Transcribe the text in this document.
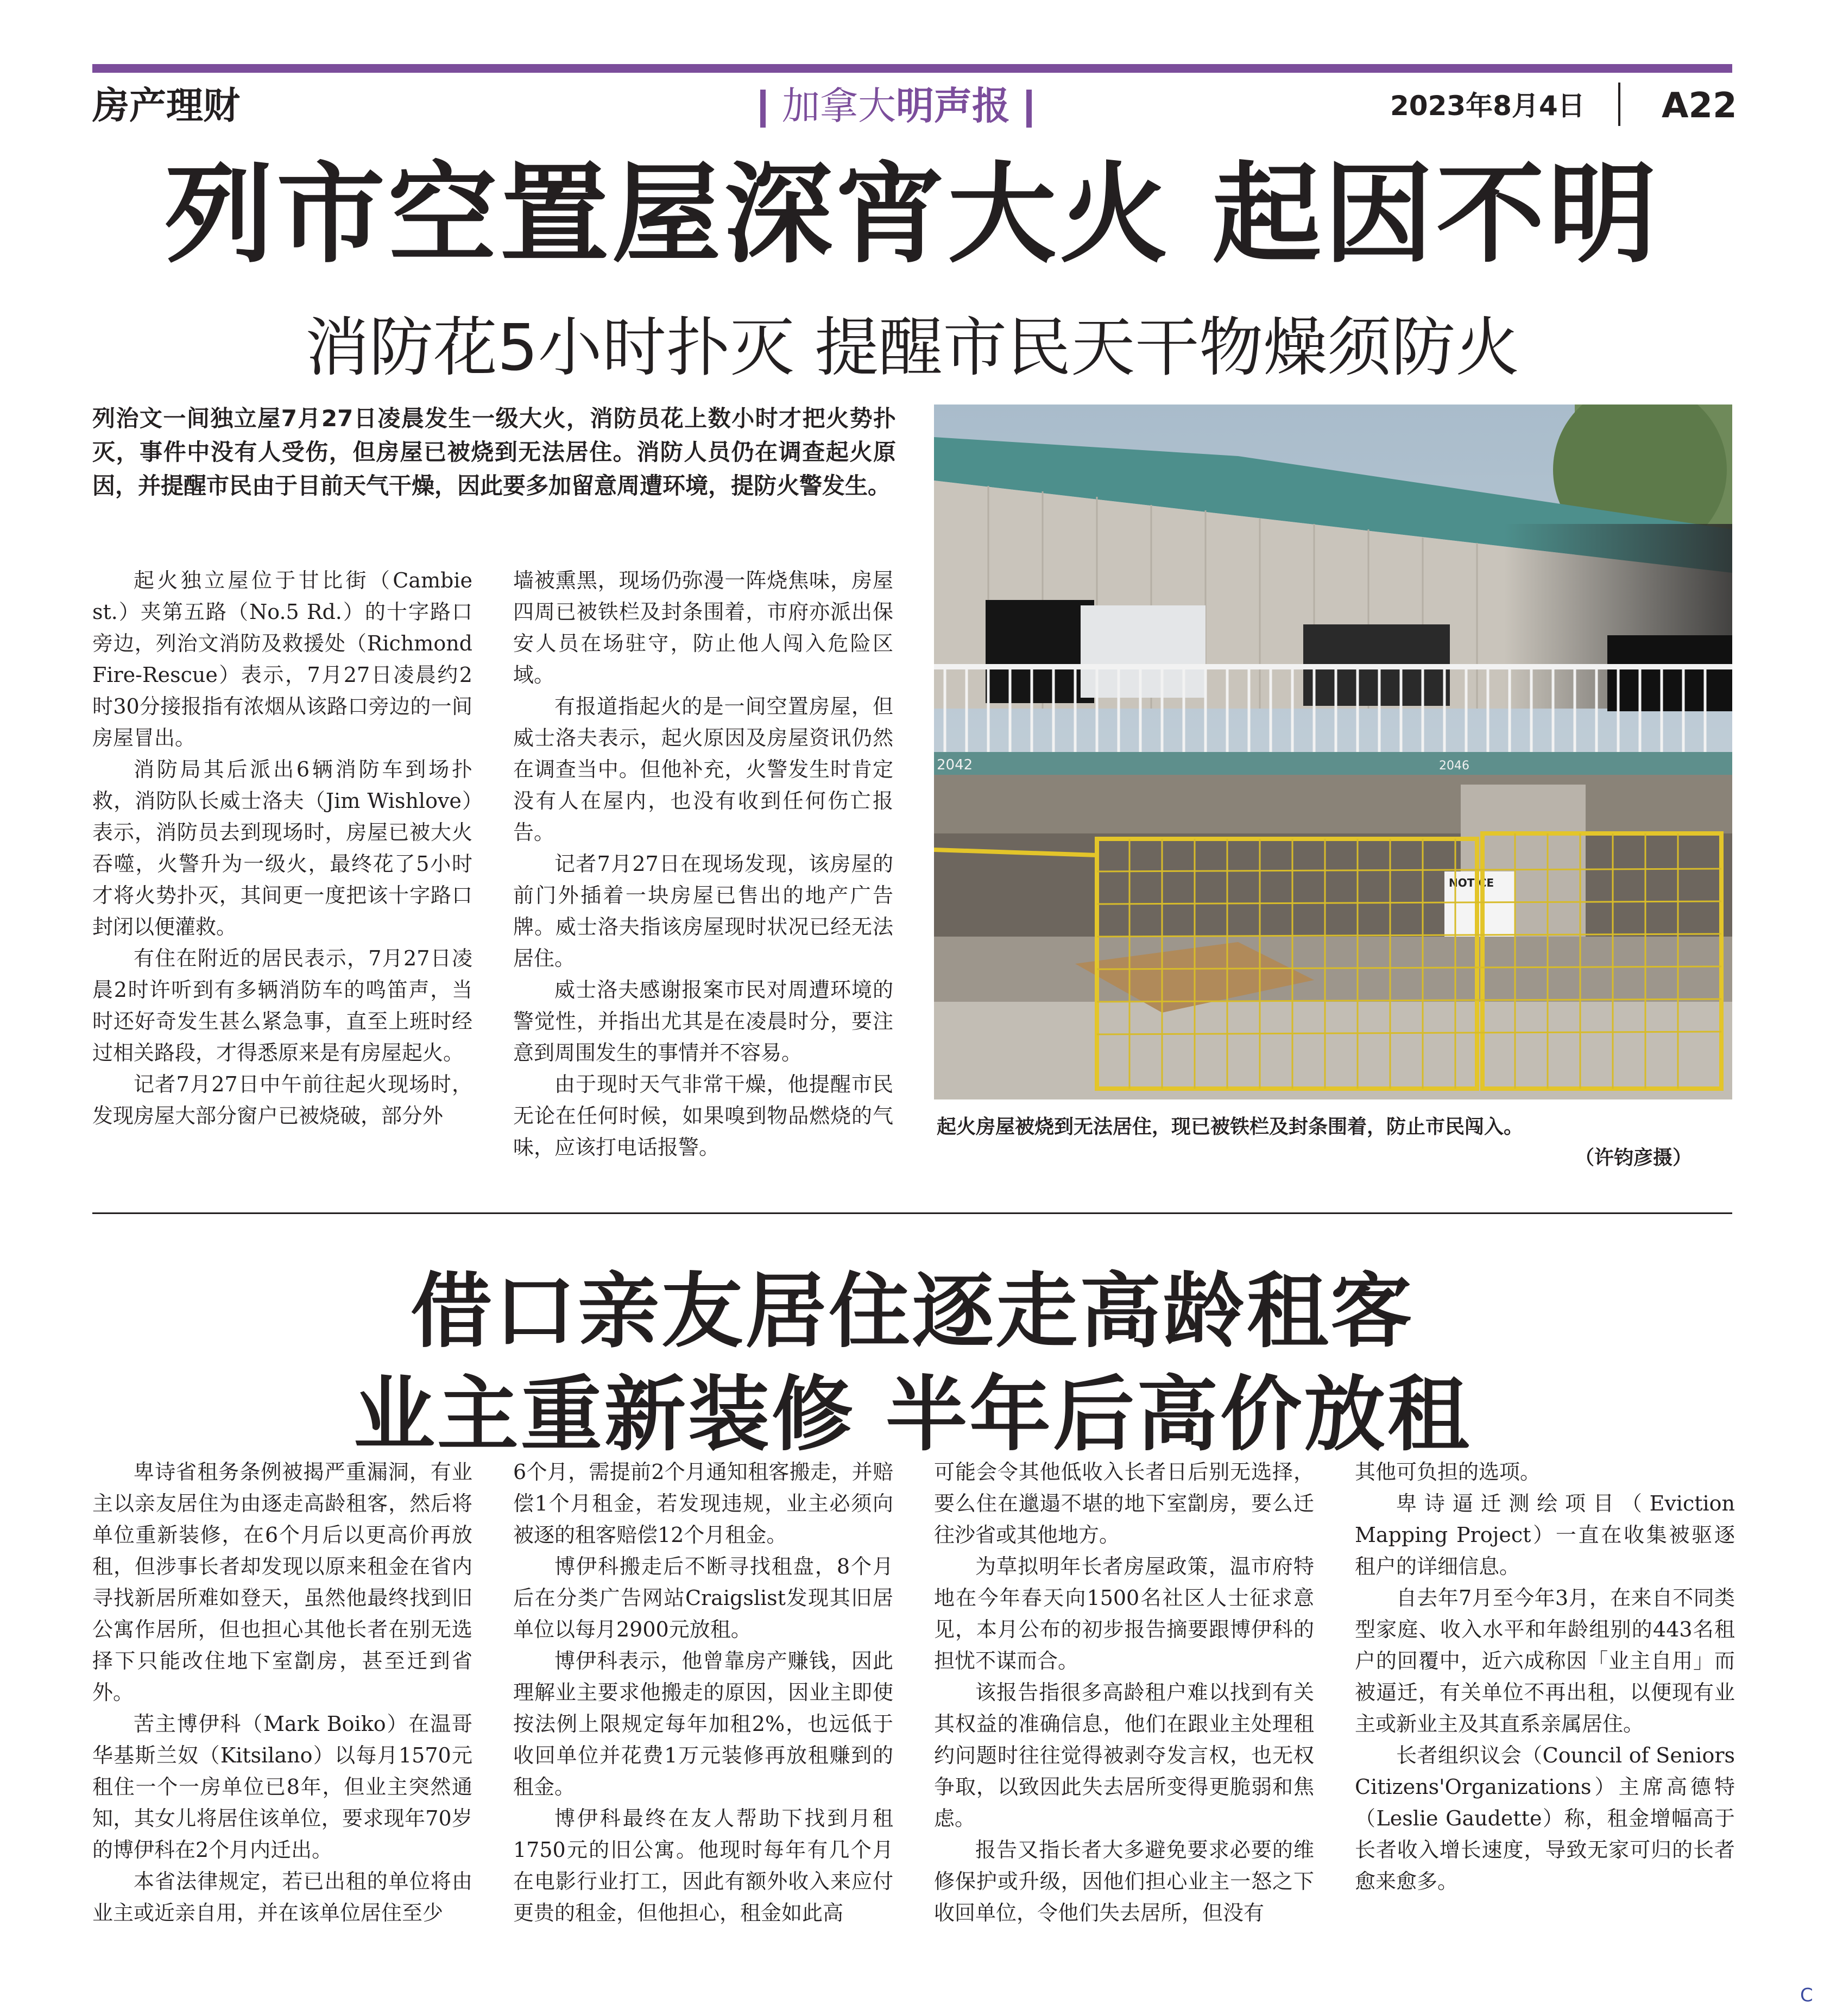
房产理财	加拿大明声报	2023年8月4日 A22
列市空置屋深宵大火 起因不明
消防花5小时扑灭 提醒市民天干物燥须防火
列治文一间独立屋7月27日凌晨发生一级大火，消防员花上数小时才把火势扑灭，事件中没有人受伤，但房屋已被烧到无法居住。消防人员仍在调查起火原因，并提醒市民由于目前天气干燥，因此要多加留意周遭环境，提防火警发生。

起火独立屋位于甘比街（Cambie st.）夹第五路（No.5 Rd.）的十字路口旁边，列治文消防及救援处（Richmond Fire-Rescue）表示，7月27日凌晨约2时30分接报指有浓烟从该路口旁边的一间房屋冒出。

消防局其后派出6辆消防车到场扑救，消防队长威士洛夫（Jim Wishlove）表示，消防员去到现场时，房屋已被大火吞噬，火警升为一级火，最终花了5小时才将火势扑灭，其间更一度把该十字路口封闭以便灌救。

有住在附近的居民表示，7月27日凌晨2时许听到有多辆消防车的鸣笛声，当时还好奇发生甚么紧急事，直至上班时经过相关路段，才得悉原来是有房屋起火。

记者7月27日中午前往起火现场时，发现房屋大部分窗户已被烧破，部分外

墙被熏黑，现场仍弥漫一阵烧焦味，房屋四周已被铁栏及封条围着，市府亦派出保安人员在场驻守，防止他人闯入危险区域。

有报道指起火的是一间空置房屋，但威士洛夫表示，起火原因及房屋资讯仍然在调查当中。但他补充，火警发生时肯定没有人在屋内，也没有收到任何伤亡报告。

记者7月27日在现场发现，该房屋的前门外插着一块房屋已售出的地产广告牌。威士洛夫指该房屋现时状况已经无法居住。

威士洛夫感谢报案市民对周遭环境的警觉性，并指出尤其是在凌晨时分，要注意到周围发生的事情并不容易。

由于现时天气非常干燥，他提醒市民无论在任何时候，如果嗅到物品燃烧的气味，应该打电话报警。

2042	2046
NOTICE
起火房屋被烧到无法居住，现已被铁栏及封条围着，防止市民闯入。
（许钧彦摄）
借口亲友居住逐走高龄租客
业主重新装修 半年后高价放租

卑诗省租务条例被揭严重漏洞，有业主以亲友居住为由逐走高龄租客，然后将单位重新装修，在6个月后以更高价再放租，但涉事长者却发现以原来租金在省内寻找新居所难如登天，虽然他最终找到旧公寓作居所，但也担心其他长者在别无选择下只能改住地下室劏房，甚至迁到省外。

苦主博伊科（Mark Boiko）在温哥华基斯兰奴（Kitsilano）以每月1570元租住一个一房单位已8年，但业主突然通知，其女儿将居住该单位，要求现年70岁的博伊科在2个月内迁出。

本省法律规定，若已出租的单位将由业主或近亲自用，并在该单位居住至少

6个月，需提前2个月通知租客搬走，并赔偿1个月租金，若发现违规，业主必须向被逐的租客赔偿12个月租金。

博伊科搬走后不断寻找租盘，8个月后在分类广告网站Craigslist发现其旧居单位以每月2900元放租。

博伊科表示，他曾靠房产赚钱，因此理解业主要求他搬走的原因，因业主即使按法例上限规定每年加租2%，也远低于收回单位并花费1万元装修再放租赚到的租金。

博伊科最终在友人帮助下找到月租1750元的旧公寓。他现时每年有几个月在电影行业打工，因此有额外收入来应付更贵的租金，但他担心，租金如此高

可能会令其他低收入长者日后别无选择，要么住在邋遢不堪的地下室劏房，要么迁往沙省或其他地方。

为草拟明年长者房屋政策，温市府特地在今年春天向1500名社区人士征求意见，本月公布的初步报告摘要跟博伊科的担忧不谋而合。

该报告指很多高龄租户难以找到有关其权益的准确信息，他们在跟业主处理租约问题时往往觉得被剥夺发言权，也无权争取，以致因此失去居所变得更脆弱和焦虑。

报告又指长者大多避免要求必要的维修保护或升级，因他们担心业主一怒之下收回单位，令他们失去居所，但没有

其他可负担的选项。

卑诗逼迁测绘项目（Eviction Mapping Project）一直在收集被驱逐租户的详细信息。

自去年7月至今年3月，在来自不同类型家庭、收入水平和年龄组别的443名租户的回覆中，近六成称因「业主自用」而被逼迁，有关单位不再出租，以便现有业主或新业主及其直系亲属居住。

长者组织议会（Council of Seniors Citizens'Organizations）主席高德特（Leslie Gaudette）称，租金增幅高于长者收入增长速度，导致无家可归的长者愈来愈多。

C
